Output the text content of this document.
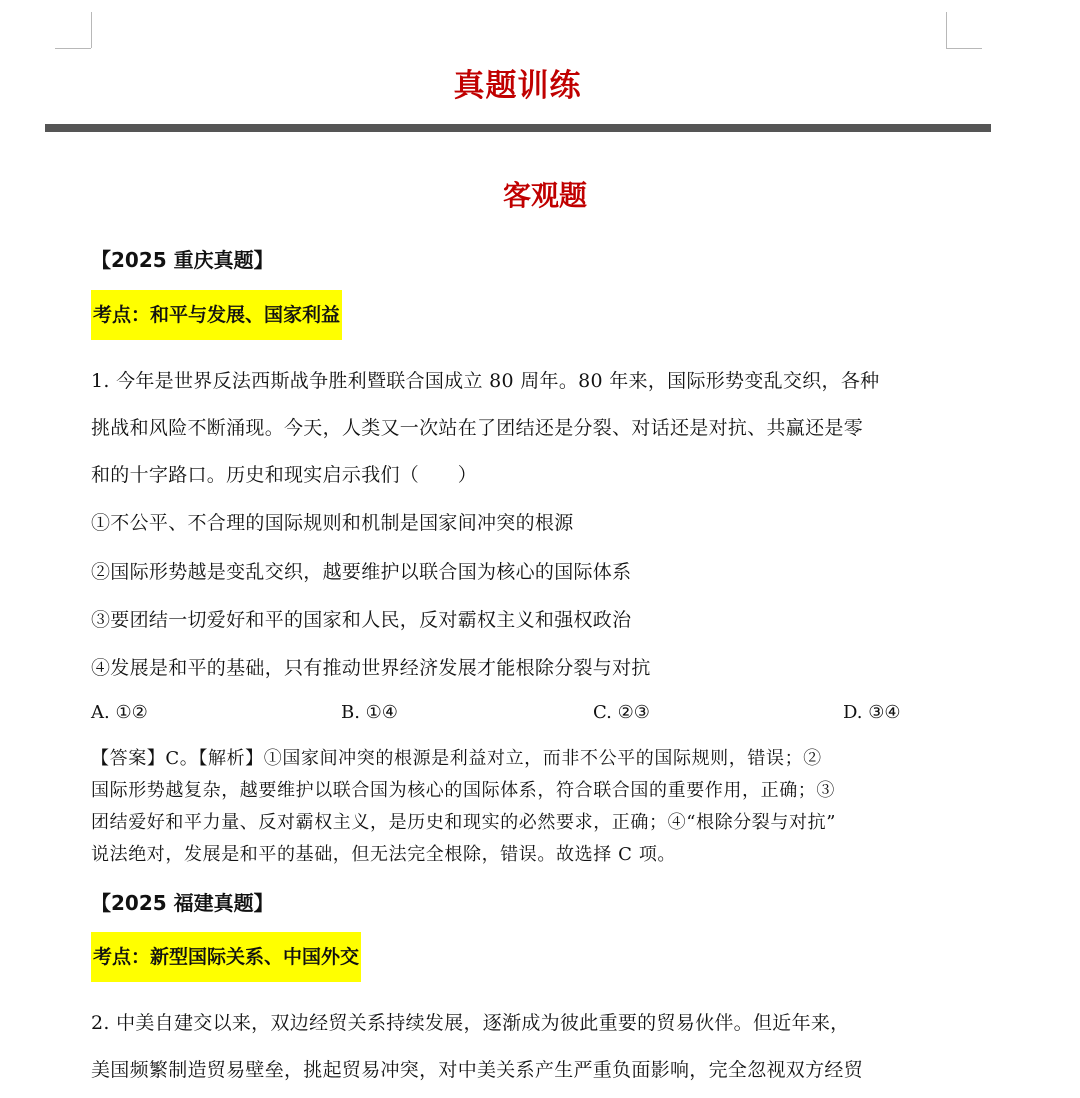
真题训练
客观题
【2025 重庆真题】
考点：和平与发展、国家利益
1. 今年是世界反法西斯战争胜利暨联合国成立 80 周年。80 年来，国际形势变乱交织，各种
挑战和风险不断涌现。今天，人类又一次站在了团结还是分裂、对话还是对抗、共赢还是零
和的十字路口。历史和现实启示我们（　　）
①不公平、不合理的国际规则和机制是国家间冲突的根源
②国际形势越是变乱交织，越要维护以联合国为核心的国际体系
③要团结一切爱好和平的国家和人民，反对霸权主义和强权政治
④发展是和平的基础，只有推动世界经济发展才能根除分裂与对抗
A. ①②	B. ①④	C. ②③	D. ③④
【答案】C。【解析】①国家间冲突的根源是利益对立，而非不公平的国际规则，错误；②
国际形势越复杂，越要维护以联合国为核心的国际体系，符合联合国的重要作用，正确；③
团结爱好和平力量、反对霸权主义，是历史和现实的必然要求，正确；④“根除分裂与对抗”
说法绝对，发展是和平的基础，但无法完全根除，错误。故选择 C 项。
【2025 福建真题】
考点：新型国际关系、中国外交
2. 中美自建交以来，双边经贸关系持续发展，逐渐成为彼此重要的贸易伙伴。但近年来，
美国频繁制造贸易壁垒，挑起贸易冲突，对中美关系产生严重负面影响，完全忽视双方经贸
